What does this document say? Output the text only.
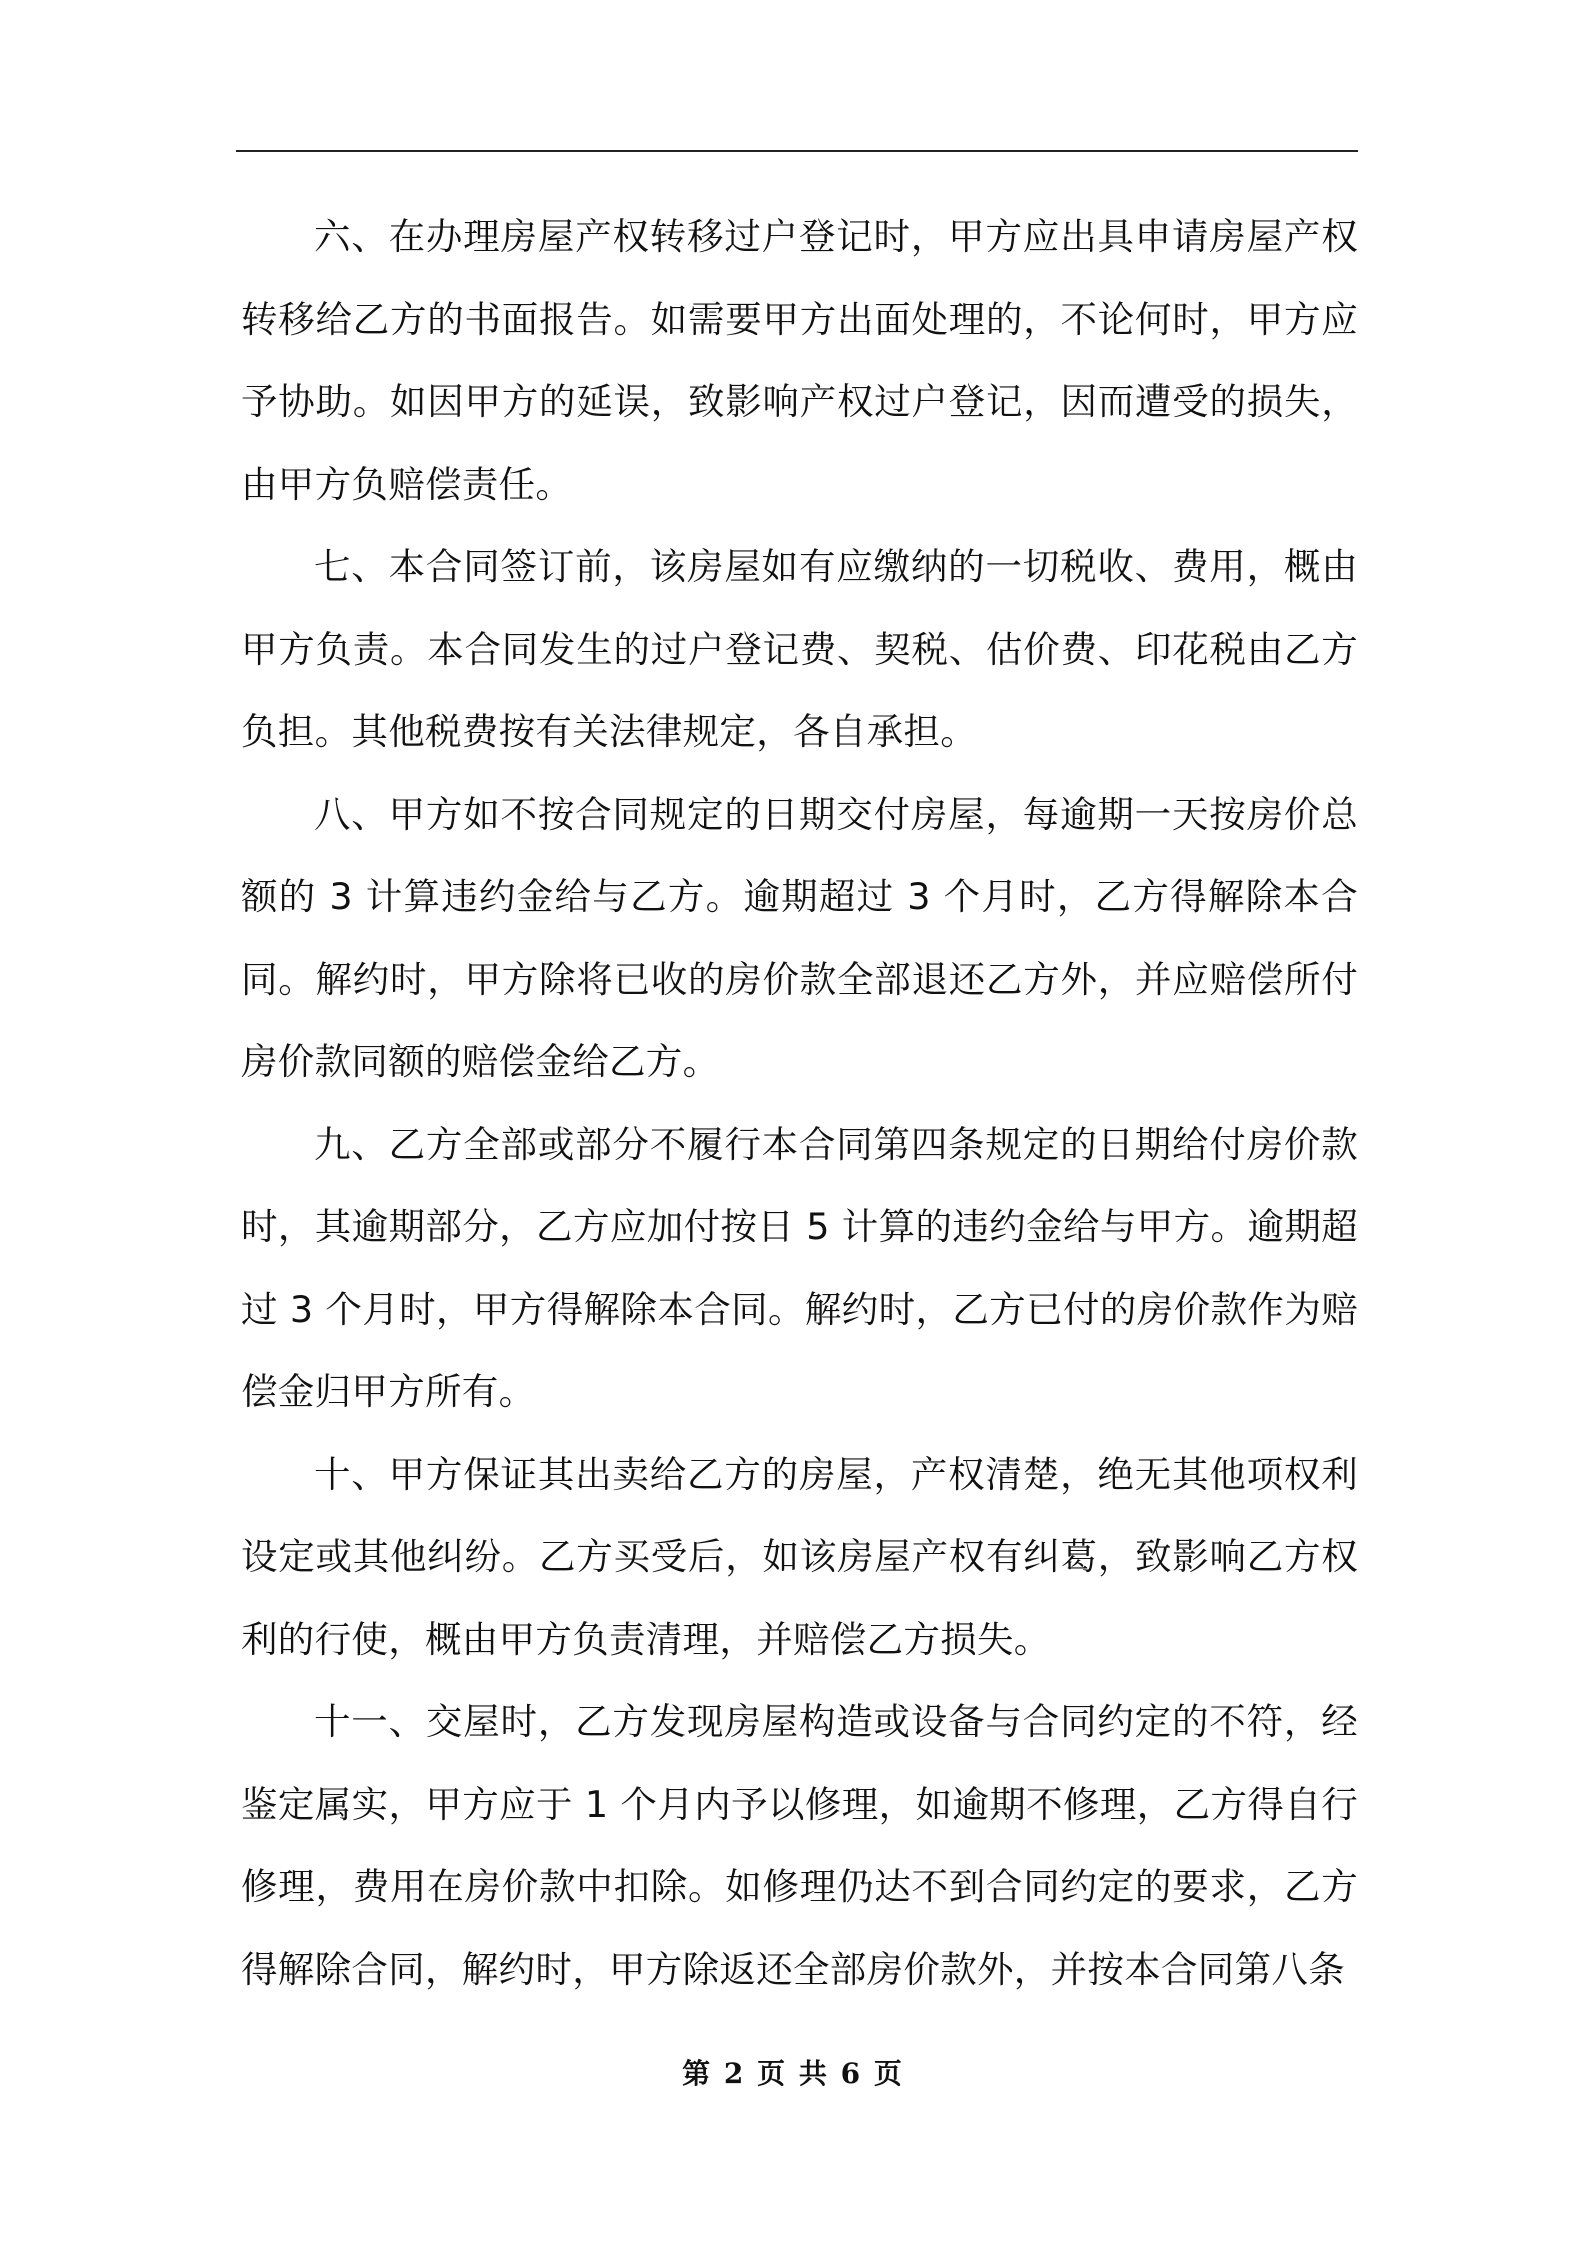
六、在办理房屋产权转移过户登记时，甲方应出具申请房屋产权转移给乙方的书面报告。如需要甲方出面处理的，不论何时，甲方应予协助。如因甲方的延误，致影响产权过户登记，因而遭受的损失，由甲方负赔偿责任。

七、本合同签订前，该房屋如有应缴纳的一切税收、费用，概由甲方负责。本合同发生的过户登记费、契税、估价费、印花税由乙方负担。其他税费按有关法律规定，各自承担。

八、甲方如不按合同规定的日期交付房屋，每逾期一天按房价总额的 3 计算违约金给与乙方。逾期超过 3 个月时，乙方得解除本合同。解约时，甲方除将已收的房价款全部退还乙方外，并应赔偿所付房价款同额的赔偿金给乙方。

九、乙方全部或部分不履行本合同第四条规定的日期给付房价款时，其逾期部分，乙方应加付按日 5 计算的违约金给与甲方。逾期超过 3 个月时，甲方得解除本合同。解约时，乙方已付的房价款作为赔偿金归甲方所有。

十、甲方保证其出卖给乙方的房屋，产权清楚，绝无其他项权利设定或其他纠纷。乙方买受后，如该房屋产权有纠葛，致影响乙方权利的行使，概由甲方负责清理，并赔偿乙方损失。

十一、交屋时，乙方发现房屋构造或设备与合同约定的不符，经鉴定属实，甲方应于 1 个月内予以修理，如逾期不修理，乙方得自行修理，费用在房价款中扣除。如修理仍达不到合同约定的要求，乙方得解除合同，解约时，甲方除返还全部房价款外，并按本合同第八条

第 2 页 共 6 页
